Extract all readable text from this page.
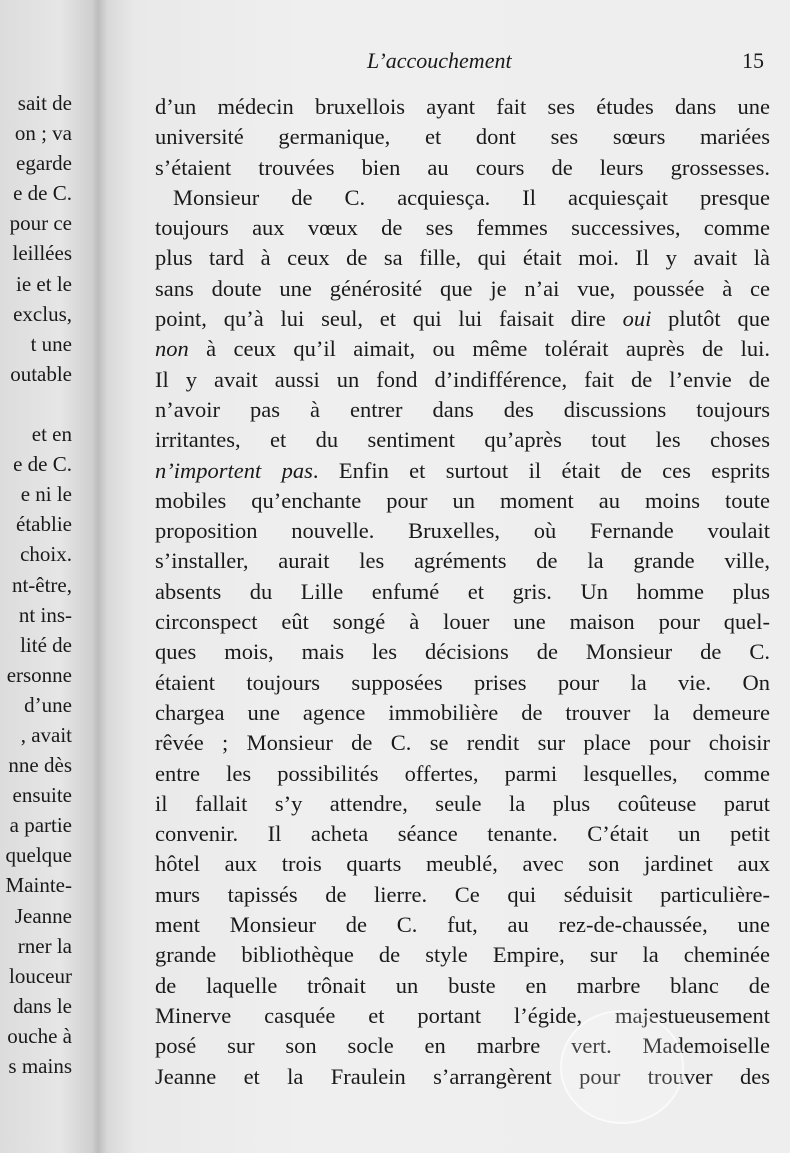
sait de
on ; va
egarde
e de C.
pour ce
leillées
ie et le
exclus,
t une
outable
et en
e de C.
e ni le
établie
choix.
nt-être,
nt ins-
lité de
ersonne
d’une
, avait
nne dès
ensuite
a partie
quelque
Mainte-
Jeanne
rner la
louceur
dans le
ouche à
s mains
L’accouchement	15
d’un médecin bruxellois ayant fait ses études dans une
université germanique, et dont ses sœurs mariées
s’étaient trouvées bien au cours de leurs grossesses.
Monsieur de C. acquiesça. Il acquiesçait presque
toujours aux vœux de ses femmes successives, comme
plus tard à ceux de sa fille, qui était moi. Il y avait là
sans doute une générosité que je n’ai vue, poussée à ce
point, qu’à lui seul, et qui lui faisait dire oui plutôt que
non à ceux qu’il aimait, ou même tolérait auprès de lui.
Il y avait aussi un fond d’indifférence, fait de l’envie de
n’avoir pas à entrer dans des discussions toujours
irritantes, et du sentiment qu’après tout les choses
n’importent pas. Enfin et surtout il était de ces esprits
mobiles qu’enchante pour un moment au moins toute
proposition nouvelle. Bruxelles, où Fernande voulait
s’installer, aurait les agréments de la grande ville,
absents du Lille enfumé et gris. Un homme plus
circonspect eût songé à louer une maison pour quel-
ques mois, mais les décisions de Monsieur de C.
étaient toujours supposées prises pour la vie. On
chargea une agence immobilière de trouver la demeure
rêvée ; Monsieur de C. se rendit sur place pour choisir
entre les possibilités offertes, parmi lesquelles, comme
il fallait s’y attendre, seule la plus coûteuse parut
convenir. Il acheta séance tenante. C’était un petit
hôtel aux trois quarts meublé, avec son jardinet aux
murs tapissés de lierre. Ce qui séduisit particulière-
ment Monsieur de C. fut, au rez-de-chaussée, une
grande bibliothèque de style Empire, sur la cheminée
de laquelle trônait un buste en marbre blanc de
Minerve casquée et portant l’égide, majestueusement
posé sur son socle en marbre vert. Mademoiselle
Jeanne et la Fraulein s’arrangèrent pour trouver des
